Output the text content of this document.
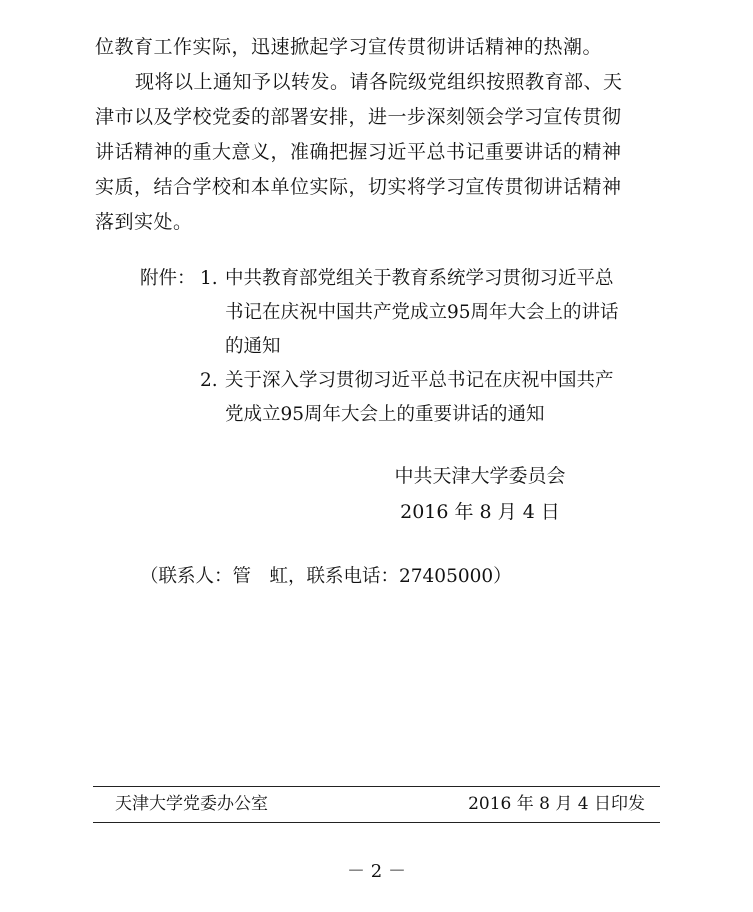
位教育工作实际，迅速掀起学习宣传贯彻讲话精神的热潮。

现将以上通知予以转发。请各院级党组织按照教育部、天

津市以及学校党委的部署安排，进一步深刻领会学习宣传贯彻

讲话精神的重大意义，准确把握习近平总书记重要讲话的精神

实质，结合学校和本单位实际，切实将学习宣传贯彻讲话精神

落到实处。

附件： 1. 中共教育部党组关于教育系统学习贯彻习近平总

书记在庆祝中国共产党成立95周年大会上的讲话

的通知

2. 关于深入学习贯彻习近平总书记在庆祝中国共产

党成立95周年大会上的重要讲话的通知

中共天津大学委员会
2016 年 8 月 4 日
（联系人：管　虹，联系电话：27405000）
天津大学党委办公室	2016 年 8 月 4 日印发
－ 2 －
